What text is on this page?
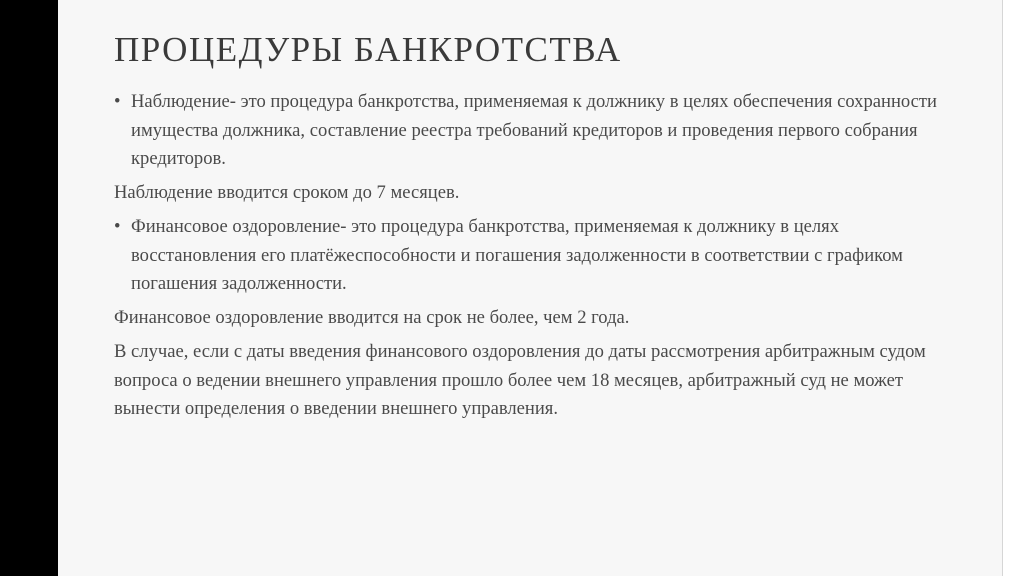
ПРОЦЕДУРЫ БАНКРОТСТВА
• Наблюдение- это процедура банкротства, применяемая к должнику в целях обеспечения сохранности имущества должника, составление реестра требований кредиторов и проведения первого собрания кредиторов.
Наблюдение вводится сроком до 7 месяцев.
• Финансовое оздоровление- это процедура банкротства, применяемая к должнику в целях восстановления его платёжеспособности и погашения задолженности в соответствии с графиком погашения задолженности.
Финансовое оздоровление вводится на срок не более, чем 2 года.
В случае, если с даты введения финансового оздоровления до даты рассмотрения арбитражным судом вопроса о ведении внешнего управления прошло более чем 18 месяцев, арбитражный суд не может вынести определения о введении внешнего управления.
